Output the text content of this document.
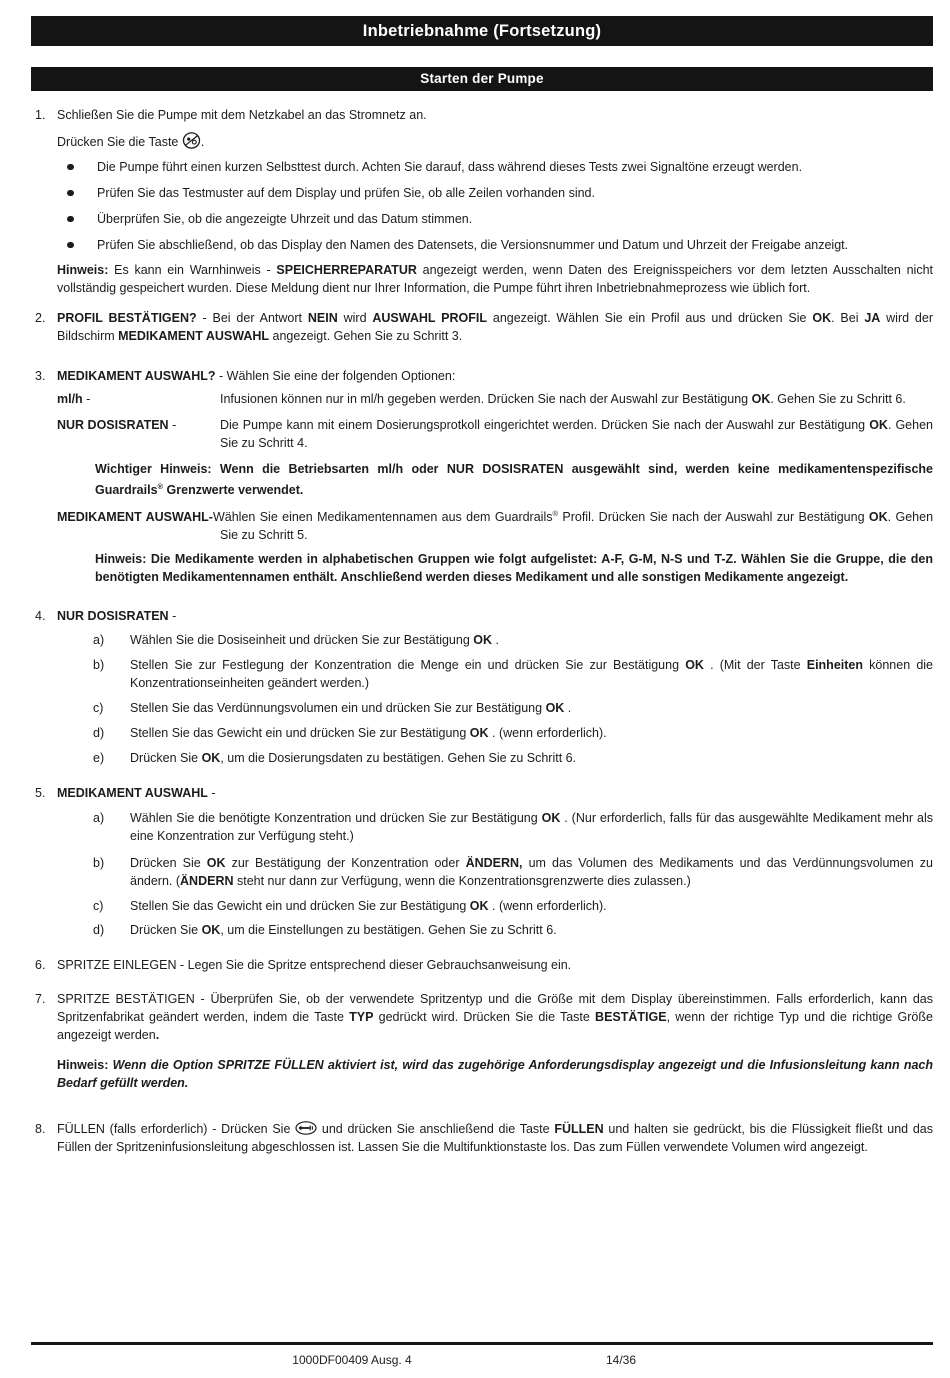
Inbetriebnahme (Fortsetzung)
Starten der Pumpe
1. Schließen Sie die Pumpe mit dem Netzkabel an das Stromnetz an.
Drücken Sie die Taste .
Die Pumpe führt einen kurzen Selbsttest durch. Achten Sie darauf, dass während dieses Tests zwei Signaltöne erzeugt werden.
Prüfen Sie das Testmuster auf dem Display und prüfen Sie, ob alle Zeilen vorhanden sind.
Überprüfen Sie, ob die angezeigte Uhrzeit und das Datum stimmen.
Prüfen Sie abschließend, ob das Display den Namen des Datensets, die Versionsnummer und Datum und Uhrzeit der Freigabe anzeigt.
Hinweis: Es kann ein Warnhinweis - SPEICHERREPARATUR angezeigt werden, wenn Daten des Ereignisspeichers vor dem letzten Ausschalten nicht vollständig gespeichert wurden. Diese Meldung dient nur Ihrer Information, die Pumpe führt ihren Inbetriebnahmeprozess wie üblich fort.
2. PROFIL BESTÄTIGEN? - Bei der Antwort NEIN wird AUSWAHL PROFIL angezeigt. Wählen Sie ein Profil aus und drücken Sie OK. Bei JA wird der Bildschirm MEDIKAMENT AUSWAHL angezeigt. Gehen Sie zu Schritt 3.
3. MEDIKAMENT AUSWAHL? - Wählen Sie eine der folgenden Optionen:
ml/h -	Infusionen können nur in ml/h gegeben werden. Drücken Sie nach der Auswahl zur Bestätigung OK. Gehen Sie zu Schritt 6.
NUR DOSISRATEN -	Die Pumpe kann mit einem Dosierungsprotkoll eingerichtet werden. Drücken Sie nach der Auswahl zur Bestätigung OK. Gehen Sie zu Schritt 4.
Wichtiger Hinweis: Wenn die Betriebsarten ml/h oder NUR DOSISRATEN ausgewählt sind, werden keine medikamentenspezifische Guardrails® Grenzwerte verwendet.
MEDIKAMENT AUSWAHL-Wählen Sie einen Medikamentennamen aus dem Guardrails® Profil. Drücken Sie nach der Auswahl zur Bestätigung OK. Gehen Sie zu Schritt 5.
Hinweis: Die Medikamente werden in alphabetischen Gruppen wie folgt aufgelistet: A-F, G-M, N-S und T-Z. Wählen Sie die Gruppe, die den benötigten Medikamentennamen enthält. Anschließend werden dieses Medikament und alle sonstigen Medikamente angezeigt.
4. NUR DOSISRATEN -
a) Wählen Sie die Dosiseinheit und drücken Sie zur Bestätigung OK .
b) Stellen Sie zur Festlegung der Konzentration die Menge ein und drücken Sie zur Bestätigung OK . (Mit der Taste Einheiten können die Konzentrationseinheiten geändert werden.)
c) Stellen Sie das Verdünnungsvolumen ein und drücken Sie zur Bestätigung OK .
d) Stellen Sie das Gewicht ein und drücken Sie zur Bestätigung OK . (wenn erforderlich).
e) Drücken Sie OK, um die Dosierungsdaten zu bestätigen. Gehen Sie zu Schritt 6.
5. MEDIKAMENT AUSWAHL -
a) Wählen Sie die benötigte Konzentration und drücken Sie zur Bestätigung OK . (Nur erforderlich, falls für das ausgewählte Medikament mehr als eine Konzentration zur Verfügung steht.)
b) Drücken Sie OK zur Bestätigung der Konzentration oder ÄNDERN, um das Volumen des Medikaments und das Verdünnungsvolumen zu ändern. (ÄNDERN steht nur dann zur Verfügung, wenn die Konzentrationsgrenzwerte dies zulassen.)
c) Stellen Sie das Gewicht ein und drücken Sie zur Bestätigung OK . (wenn erforderlich).
d) Drücken Sie OK, um die Einstellungen zu bestätigen. Gehen Sie zu Schritt 6.
6. SPRITZE EINLEGEN - Legen Sie die Spritze entsprechend dieser Gebrauchsanweisung ein.
7. SPRITZE BESTÄTIGEN - Überprüfen Sie, ob der verwendete Spritzentyp und die Größe mit dem Display übereinstimmen. Falls erforderlich, kann das Spritzenfabrikat geändert werden, indem die Taste TYP gedrückt wird. Drücken Sie die Taste BESTÄTIGE, wenn der richtige Typ und die richtige Größe angezeigt werden.
Hinweis: Wenn die Option SPRITZE FÜLLEN aktiviert ist, wird das zugehörige Anforderungsdisplay angezeigt und die Infusionsleitung kann nach Bedarf gefüllt werden.
8. FÜLLEN (falls erforderlich) - Drücken Sie  und drücken Sie anschließend die Taste FÜLLEN und halten sie gedrückt, bis die Flüssigkeit fließt und das Füllen der Spritzeninfusionsleitung abgeschlossen ist. Lassen Sie die Multifunktionstaste los. Das zum Füllen verwendete Volumen wird angezeigt.
1000DF00409 Ausg. 4	14/36
